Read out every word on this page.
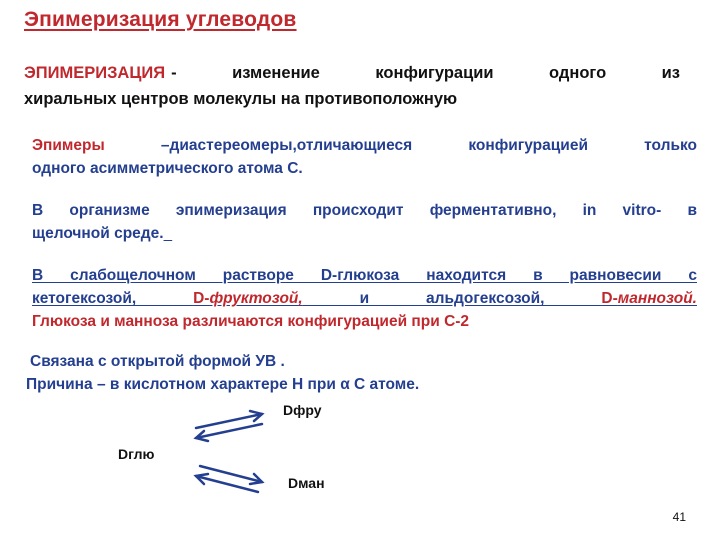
Эпимеризация углеводов
ЭПИМЕРИЗАЦИЯ - изменение конфигурации одного из
хиральных центров молекулы на противоположную
Эпимеры –диастереомеры,отличающиеся конфигурацией только
одного асимметрического атома С.
В организме эпимеризация происходит ферментативно, in vitro- в
щелочной среде.
В слабощелочном растворе D-глюкоза находится в равновесии с
кетогексозой, D-фруктозой, и альдогексозой, D-маннозой.
Глюкоза и манноза различаются конфигурацией при С-2
Связана с открытой формой УВ .
Причина – в кислотном характере Н при α С атоме.
Dфру
Dглю
Dман
41
